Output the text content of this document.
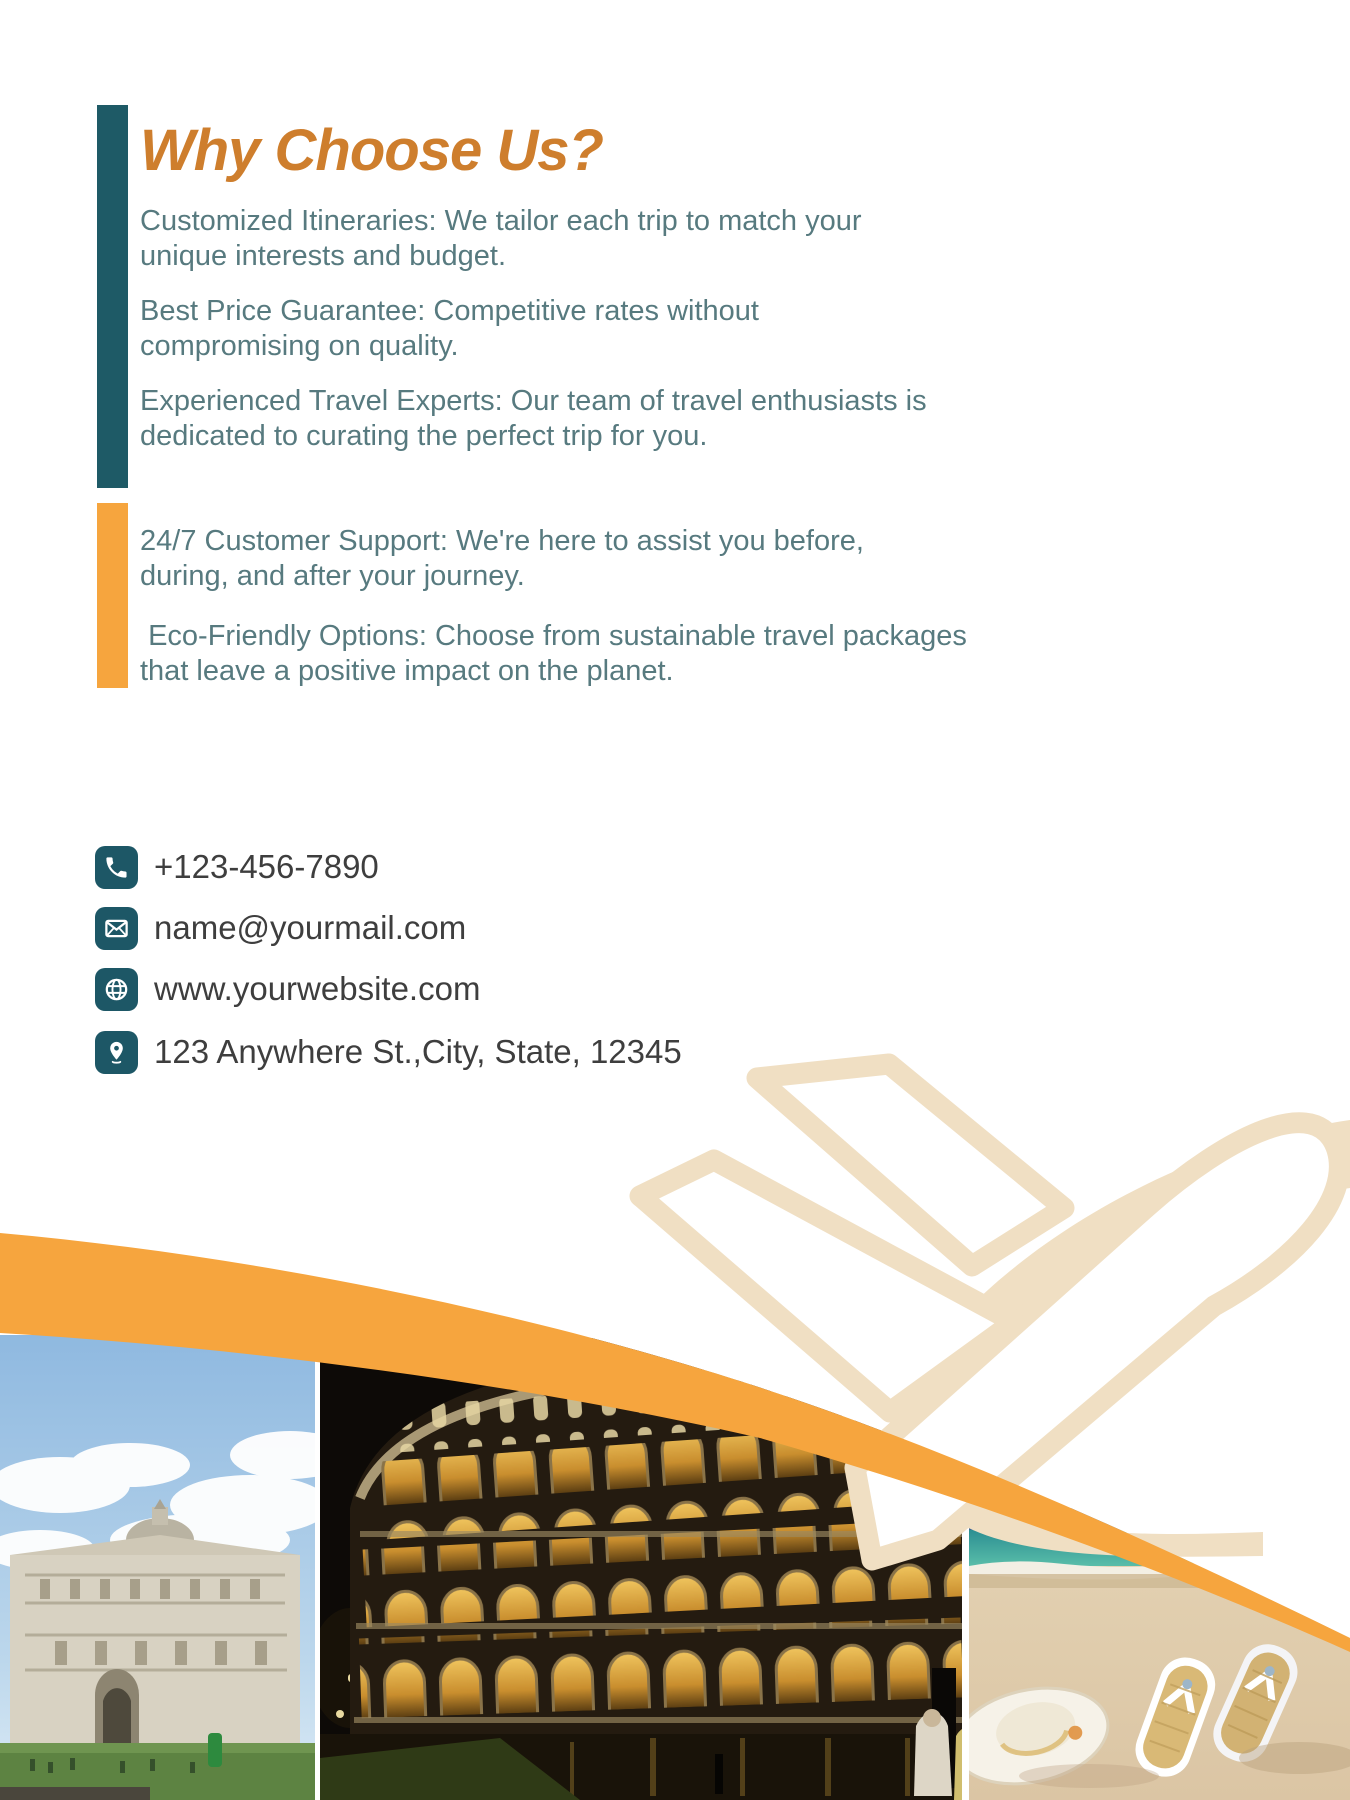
Why Choose Us?

Customized Itineraries: We tailor each trip to match your
unique interests and budget.

Best Price Guarantee: Competitive rates without
compromising on quality.

Experienced Travel Experts: Our team of travel enthusiasts is
dedicated to curating the perfect trip for you.

24/7 Customer Support: We're here to assist you before,
during, and after your journey.

Eco-Friendly Options: Choose from sustainable travel packages
that leave a positive impact on the planet.

+123-456-7890
name@yourmail.com
www.yourwebsite.com
123 Anywhere St.,City, State, 12345
